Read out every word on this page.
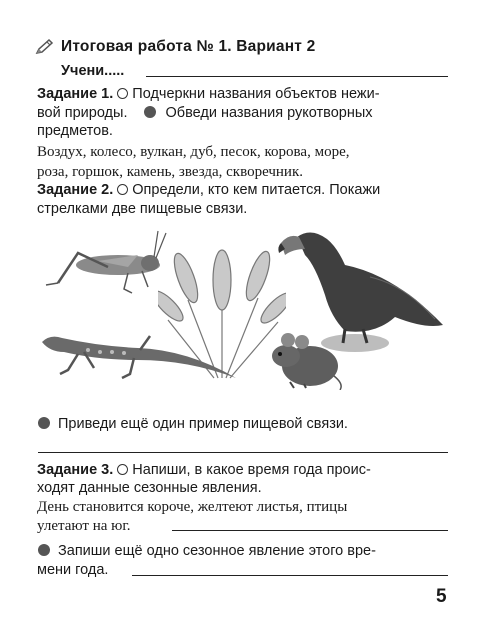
Итоговая работа № 1. Вариант 2
Учени.....
Задание 1. Подчеркни названия объектов нежи-
вой природы.	Обведи названия рукотворных
предметов.
Воздух, колесо, вулкан, дуб, песок, корова, море,
роза, горшок, камень, звезда, скворечник.
Задание 2. Определи, кто кем питается. Покажи
стрелками две пищевые связи.
Приведи ещё один пример пищевой связи.
Задание 3. Напиши, в какое время года проис-
ходят данные сезонные явления.
День становится короче, желтеют листья, птицы
улетают на юг.
Запиши ещё одно сезонное явление этого вре-
мени года.
5
